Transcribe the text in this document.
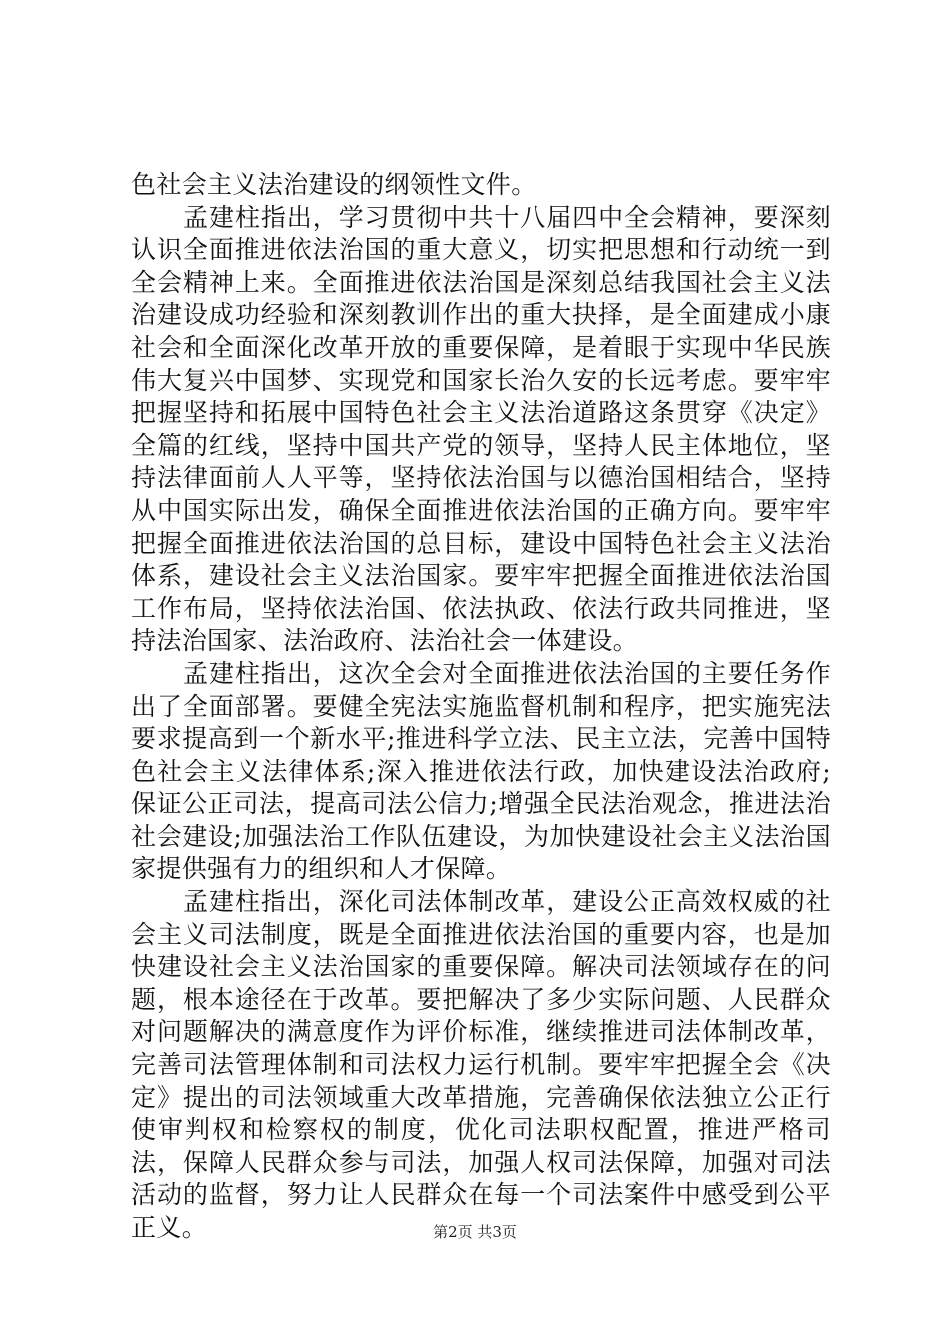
色社会主义法治建设的纲领性文件。

孟建柱指出，学习贯彻中共十八届四中全会精神，要深刻认识全面推进依法治国的重大意义，切实把思想和行动统一到全会精神上来。全面推进依法治国是深刻总结我国社会主义法治建设成功经验和深刻教训作出的重大抉择，是全面建成小康社会和全面深化改革开放的重要保障，是着眼于实现中华民族伟大复兴中国梦、实现党和国家长治久安的长远考虑。要牢牢把握坚持和拓展中国特色社会主义法治道路这条贯穿《决定》全篇的红线，坚持中国共产党的领导，坚持人民主体地位，坚持法律面前人人平等，坚持依法治国与以德治国相结合，坚持从中国实际出发，确保全面推进依法治国的正确方向。要牢牢把握全面推进依法治国的总目标，建设中国特色社会主义法治体系，建设社会主义法治国家。要牢牢把握全面推进依法治国工作布局，坚持依法治国、依法执政、依法行政共同推进，坚持法治国家、法治政府、法治社会一体建设。

孟建柱指出，这次全会对全面推进依法治国的主要任务作出了全面部署。要健全宪法实施监督机制和程序，把实施宪法要求提高到一个新水平;推进科学立法、民主立法，完善中国特色社会主义法律体系;深入推进依法行政，加快建设法治政府;保证公正司法，提高司法公信力;增强全民法治观念，推进法治社会建设;加强法治工作队伍建设，为加快建设社会主义法治国家提供强有力的组织和人才保障。

孟建柱指出，深化司法体制改革，建设公正高效权威的社会主义司法制度，既是全面推进依法治国的重要内容，也是加快建设社会主义法治国家的重要保障。解决司法领域存在的问题，根本途径在于改革。要把解决了多少实际问题、人民群众对问题解决的满意度作为评价标准，继续推进司法体制改革，完善司法管理体制和司法权力运行机制。要牢牢把握全会《决定》提出的司法领域重大改革措施，完善确保依法独立公正行使审判权和检察权的制度，优化司法职权配置，推进严格司法，保障人民群众参与司法，加强人权司法保障，加强对司法活动的监督，努力让人民群众在每一个司法案件中感受到公平正义。	第2页 共3页
